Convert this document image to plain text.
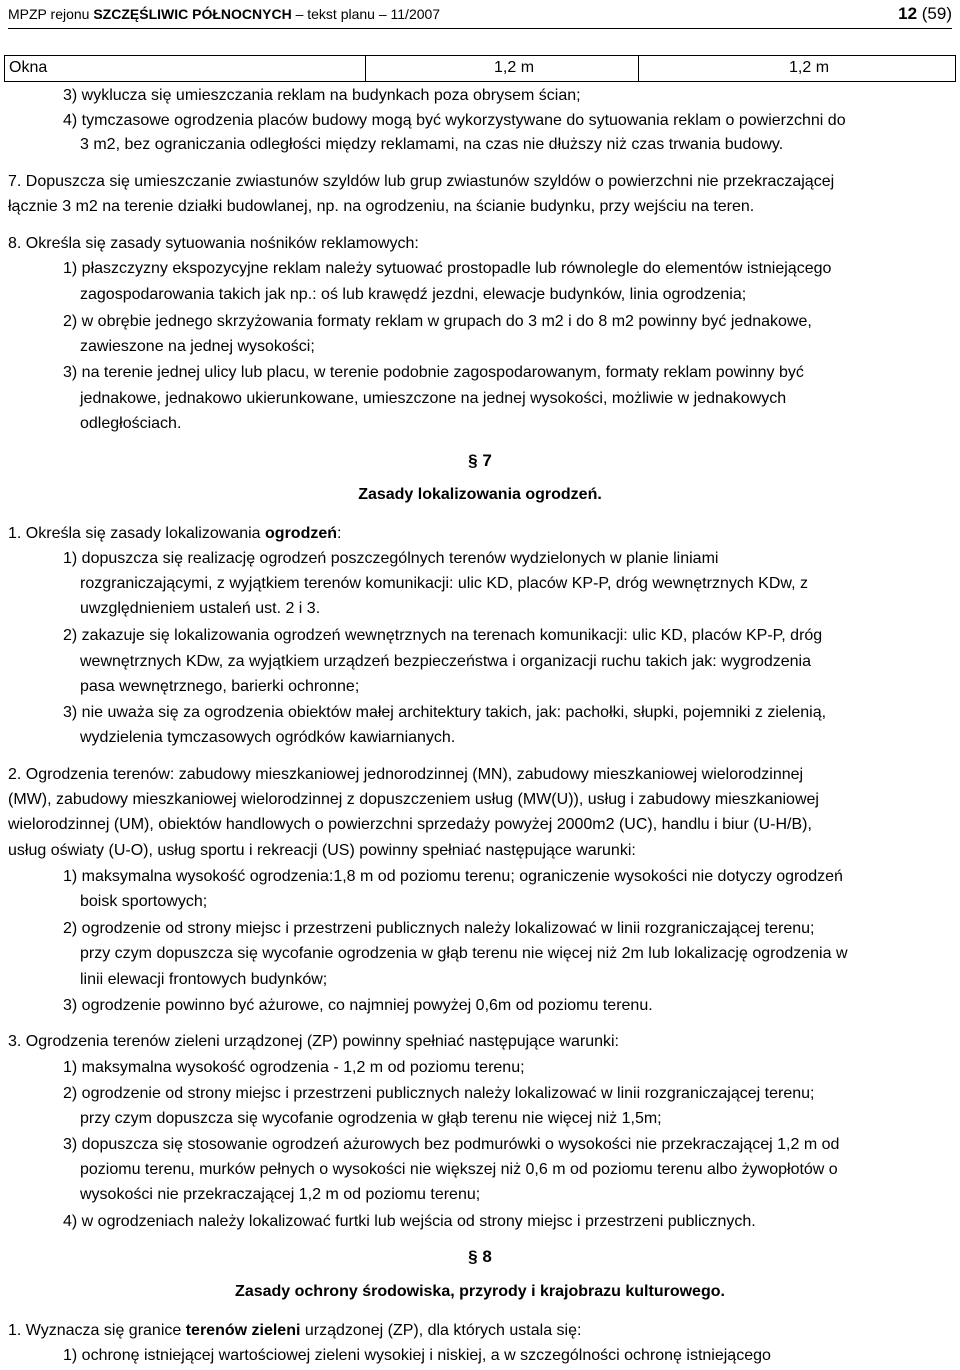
MPZP rejonu SZCZĘŚLIWIC PÓŁNOCNYCH – tekst planu – 11/2007	12 (59)
Okna	1,2 m	1,2 m
3) wyklucza się umieszczania reklam na budynkach poza obrysem ścian;
4) tymczasowe ogrodzenia placów budowy mogą być wykorzystywane do sytuowania reklam o powierzchni do
3 m2, bez ograniczania odległości między reklamami, na czas nie dłuższy niż czas trwania budowy.
7. Dopuszcza się umieszczanie zwiastunów szyldów lub grup zwiastunów szyldów o powierzchni nie przekraczającej
łącznie 3 m2 na terenie działki budowlanej, np. na ogrodzeniu, na ścianie budynku, przy wejściu na teren.
8. Określa się zasady sytuowania nośników reklamowych:
1) płaszczyzny ekspozycyjne reklam należy sytuować prostopadle lub równolegle do elementów istniejącego
zagospodarowania takich jak np.: oś lub krawędź jezdni, elewacje budynków, linia ogrodzenia;
2) w obrębie jednego skrzyżowania formaty reklam w grupach do 3 m2 i do 8 m2 powinny być jednakowe,
zawieszone na jednej wysokości;
3) na terenie jednej ulicy lub placu, w terenie podobnie zagospodarowanym, formaty reklam powinny być
jednakowe, jednakowo ukierunkowane, umieszczone na jednej wysokości, możliwie w jednakowych
odległościach.
§ 7
Zasady lokalizowania ogrodzeń.
1. Określa się zasady lokalizowania ogrodzeń:
1) dopuszcza się realizację ogrodzeń poszczególnych terenów wydzielonych w planie liniami
rozgraniczającymi, z wyjątkiem terenów komunikacji: ulic KD, placów KP-P, dróg wewnętrznych KDw, z
uwzględnieniem ustaleń ust. 2 i 3.
2) zakazuje się lokalizowania ogrodzeń wewnętrznych na terenach komunikacji: ulic KD, placów KP-P, dróg
wewnętrznych KDw, za wyjątkiem urządzeń bezpieczeństwa i organizacji ruchu takich jak: wygrodzenia
pasa wewnętrznego, barierki ochronne;
3) nie uważa się za ogrodzenia obiektów małej architektury takich, jak: pachołki, słupki, pojemniki z zielenią,
wydzielenia tymczasowych ogródków kawiarnianych.
2. Ogrodzenia terenów: zabudowy mieszkaniowej jednorodzinnej (MN), zabudowy mieszkaniowej wielorodzinnej
(MW), zabudowy mieszkaniowej wielorodzinnej z dopuszczeniem usług (MW(U)), usług i zabudowy mieszkaniowej
wielorodzinnej (UM), obiektów handlowych o powierzchni sprzedaży powyżej 2000m2 (UC), handlu i biur (U-H/B),
usług oświaty (U-O), usług sportu i rekreacji (US) powinny spełniać następujące warunki:
1) maksymalna wysokość ogrodzenia:1,8 m od poziomu terenu; ograniczenie wysokości nie dotyczy ogrodzeń
boisk sportowych;
2) ogrodzenie od strony miejsc i przestrzeni publicznych należy lokalizować w linii rozgraniczającej terenu;
przy czym dopuszcza się wycofanie ogrodzenia w głąb terenu nie więcej niż 2m lub lokalizację ogrodzenia w
linii elewacji frontowych budynków;
3) ogrodzenie powinno być ażurowe, co najmniej powyżej 0,6m od poziomu terenu.
3. Ogrodzenia terenów zieleni urządzonej (ZP) powinny spełniać następujące warunki:
1) maksymalna wysokość ogrodzenia - 1,2 m od poziomu terenu;
2) ogrodzenie od strony miejsc i przestrzeni publicznych należy lokalizować w linii rozgraniczającej terenu;
przy czym dopuszcza się wycofanie ogrodzenia w głąb terenu nie więcej niż 1,5m;
3) dopuszcza się stosowanie ogrodzeń ażurowych bez podmurówki o wysokości nie przekraczającej 1,2 m od
poziomu terenu, murków pełnych o wysokości nie większej niż 0,6 m od poziomu terenu albo żywopłotów o
wysokości nie przekraczającej 1,2 m od poziomu terenu;
4) w ogrodzeniach należy lokalizować furtki lub wejścia od strony miejsc i przestrzeni publicznych.
§ 8
Zasady ochrony środowiska, przyrody i krajobrazu kulturowego.
1. Wyznacza się granice terenów zieleni urządzonej (ZP), dla których ustala się:
1) ochronę istniejącej wartościowej zieleni wysokiej i niskiej, a w szczególności ochronę istniejącego
